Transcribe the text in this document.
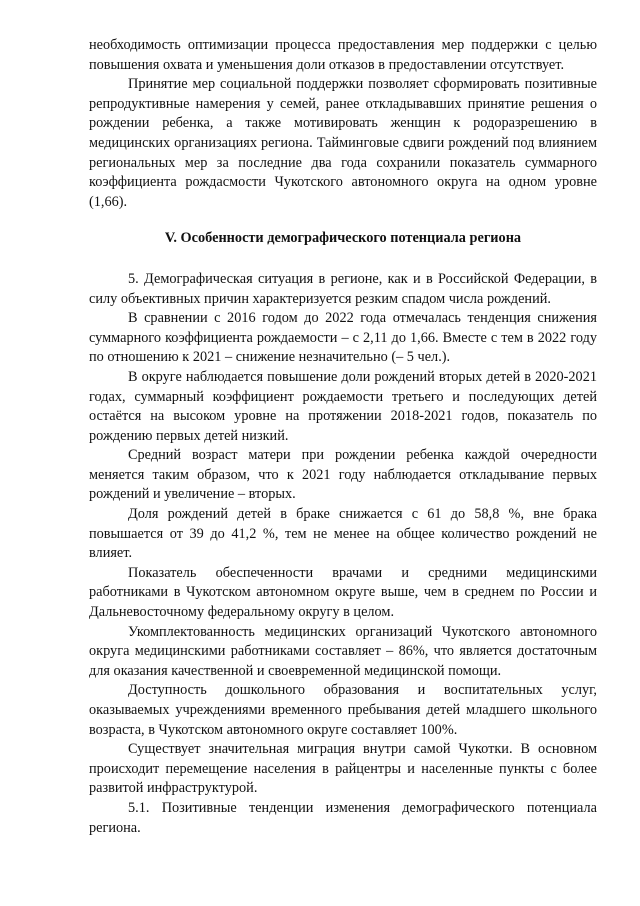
необходимость оптимизации процесса предоставления мер поддержки с целью повышения охвата и уменьшения доли отказов в предоставлении отсутствует.

Принятие мер социальной поддержки позволяет сформировать позитивные репродуктивные намерения у семей, ранее откладывавших принятие решения о рождении ребенка, а также мотивировать женщин к родоразрешению в медицинских организациях региона. Тайминговые сдвиги рождений под влиянием региональных мер за последние два года сохранили показатель суммарного коэффициента рождасмости Чукотского автономного округа на одном уровне (1,66).

V. Особенности демографического потенциала региона

5. Демографическая ситуация в регионе, как и в Российской Федерации, в силу объективных причин характеризуется резким спадом числа рождений.

В сравнении с 2016 годом до 2022 года отмечалась тенденция снижения суммарного коэффициента рождаемости – с 2,11 до 1,66. Вместе с тем в 2022 году по отношению к 2021 – снижение незначительно (– 5 чел.).

В округе наблюдается повышение доли рождений вторых детей в 2020-2021 годах, суммарный коэффициент рождаемости третьего и последующих детей остаётся на высоком уровне на протяжении 2018-2021 годов, показатель по рождению первых детей низкий.

Средний возраст матери при рождении ребенка каждой очередности меняется таким образом, что к 2021 году наблюдается откладывание первых рождений и увеличение – вторых.

Доля рождений детей в браке снижается с 61 до 58,8 %, вне брака повышается от 39 до 41,2 %, тем не менее на общее количество рождений не влияет.

Показатель обеспеченности врачами и средними медицинскими работниками в Чукотском автономном округе выше, чем в среднем по России и Дальневосточному федеральному округу в целом.

Укомплектованность медицинских организаций Чукотского автономного округа медицинскими работниками составляет – 86%, что является достаточным для оказания качественной и своевременной медицинской помощи.

Доступность дошкольного образования и воспитательных услуг, оказываемых учреждениями временного пребывания детей младшего школьного возраста, в Чукотском автономного округе составляет 100%.

Существует значительная миграция внутри самой Чукотки. В основном происходит перемещение населения в райцентры и населенные пункты с более развитой инфраструктурой.

5.1. Позитивные тенденции изменения демографического потенциала региона.
